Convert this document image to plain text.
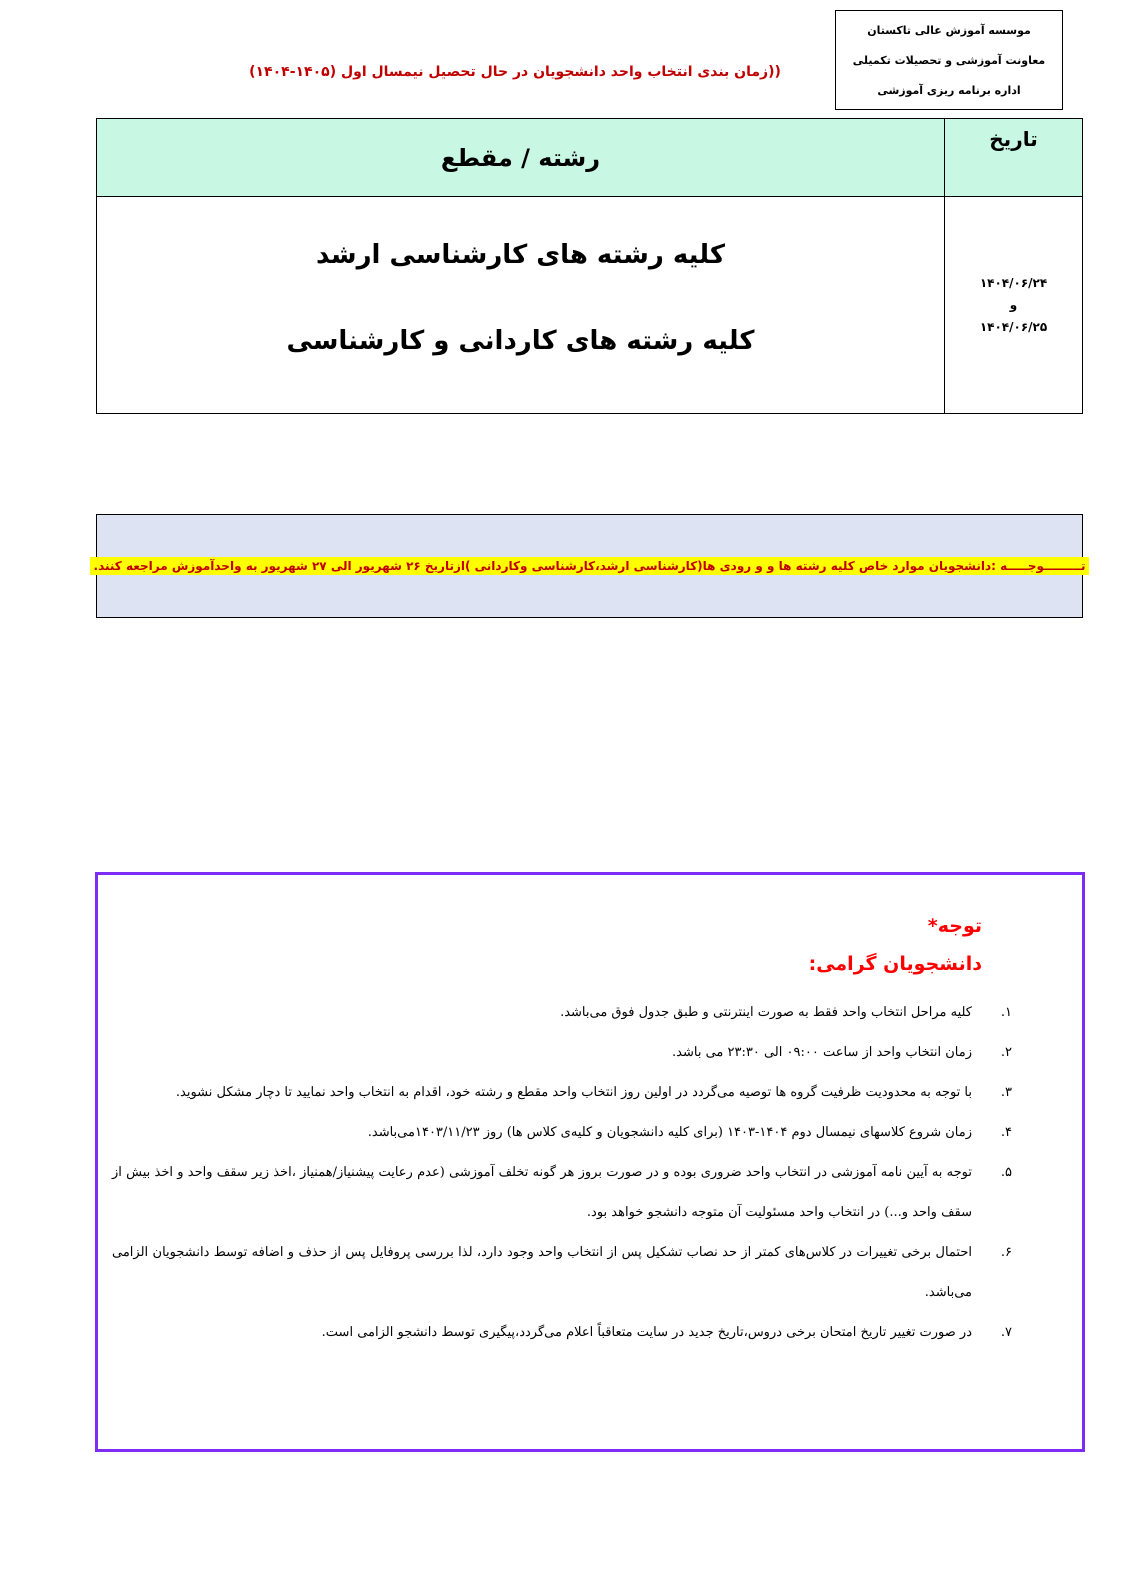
موسسه آموزش عالی تاکستان
معاونت آموزشی و تحصیلات تکمیلی
اداره برنامه ریزی آموزشی
((زمان بندی انتخاب واحد دانشجویان در حال تحصیل نیمسال اول (۱۴۰۵-۱۴۰۴)
رشته / مقطع
تاریخ
کلیه رشته های کارشناسی ارشد
کلیه رشته های کاردانی و کارشناسی
۱۴۰۴/۰۶/۲۴
و
۱۴۰۴/۰۶/۲۵
تـــــــــوجـــــه :دانشجویان موارد خاص کلیه رشته ها و و رودی ها(کارشناسی ارشد،کارشناسی وکاردانی )ازتاریخ ۲۶ شهریور الی ۲۷ شهریور به واحدآموزش مراجعه کنند.
توجه*
دانشجویان گرامی:
۱.
کلیه مراحل انتخاب واحد فقط به صورت اینترنتی و طبق جدول فوق می‌باشد.
۲.
زمان انتخاب واحد از ساعت ۰۹:۰۰ الی ۲۳:۳۰ می باشد.
۳.
با توجه به محدودیت ظرفیت گروه ها توصیه می‌گردد در اولین روز انتخاب واحد مقطع و رشته خود، اقدام به انتخاب واحد نمایید تا دچار مشکل نشوید.
۴.
زمان شروع کلاسهای نیمسال دوم ۱۴۰۴-۱۴۰۳ (برای کلیه دانشجویان و کلیه‌ی کلاس ها) روز ۱۴۰۳/۱۱/۲۳می‌باشد.
۵.
توجه به آیین نامه آموزشی در انتخاب واحد ضروری بوده و در صورت بروز هر گونه تخلف آموزشی (عدم رعایت پیشنیاز/همنیاز ،اخذ زیر سقف واحد و اخذ بیش از سقف واحد و...) در انتخاب واحد مسئولیت آن متوجه دانشجو خواهد بود.
۶.
احتمال برخی تغییرات در کلاس‌های کمتر از حد نصاب تشکیل پس از انتخاب واحد وجود دارد، لذا بررسی پروفایل پس از حذف و اضافه توسط دانشجویان الزامی می‌باشد.
۷.
در صورت تغییر تاریخ امتحان برخی دروس،تاریخ جدید در سایت متعاقباً اعلام می‌گردد،پیگیری توسط دانشجو الزامی است.
